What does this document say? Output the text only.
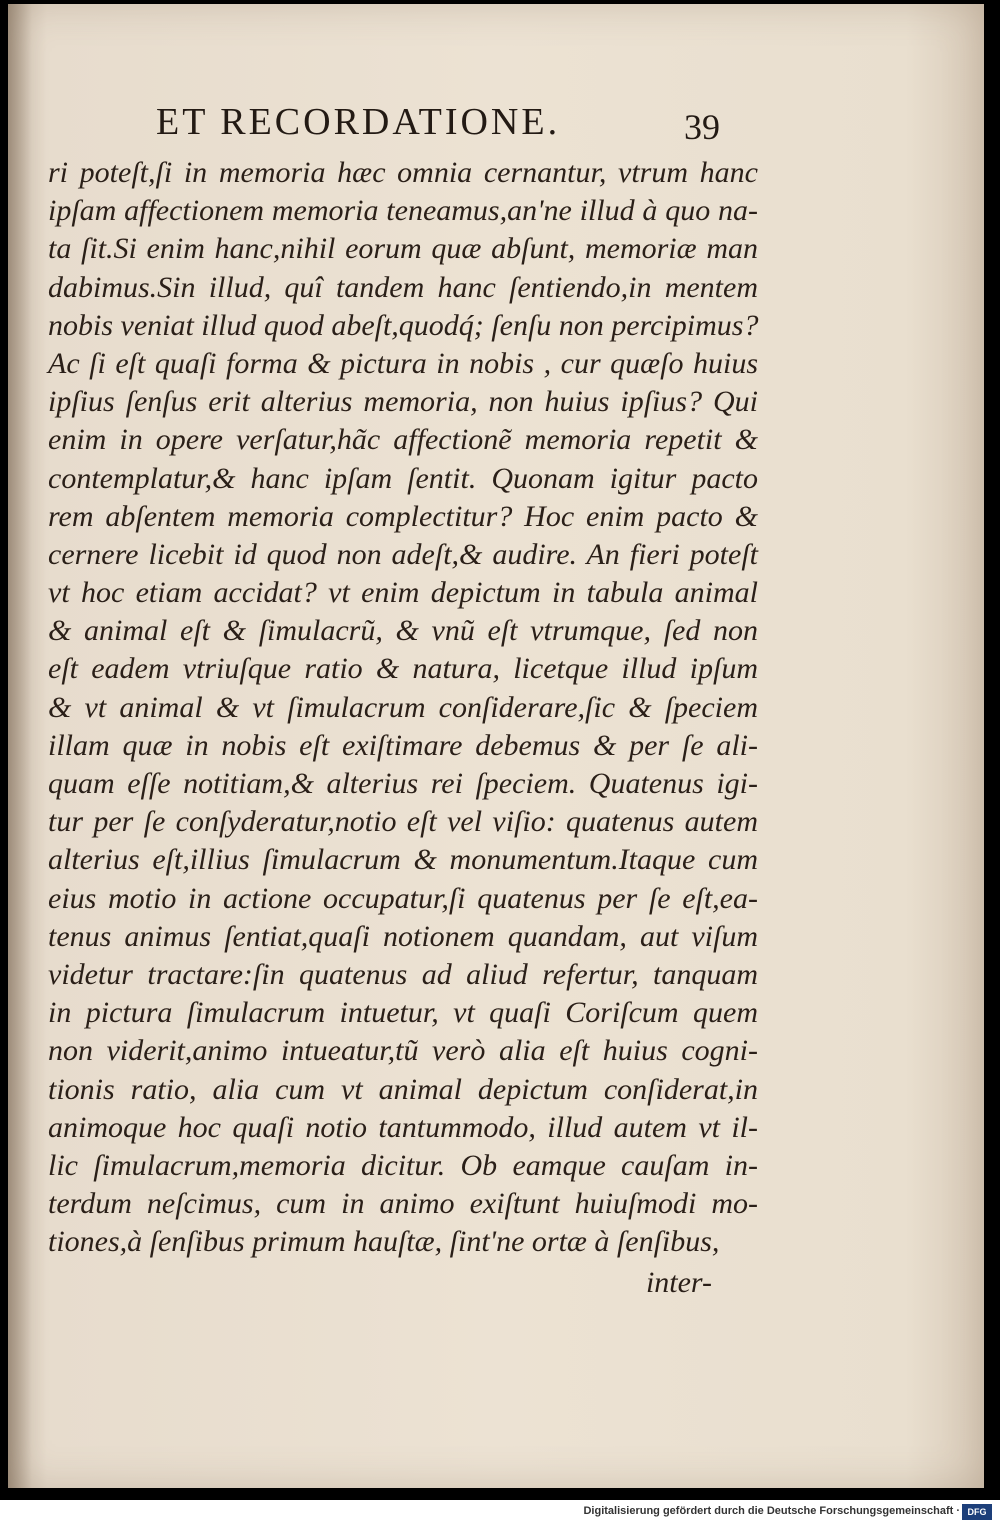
ET RECORDATIONE.	39
ri poteſt,ſi in memoria hæc omnia cernantur, vtrum hanc
ipſam affectionem memoria teneamus,an'ne illud à quo na-
ta ſit.Si enim hanc,nihil eorum quæ abſunt, memoriæ man
dabimus.Sin illud, quî tandem hanc ſentiendo,in mentem
nobis veniat illud quod abeſt,quodq́; ſenſu non percipimus?
Ac ſi eſt quaſi forma & pictura in nobis , cur quæſo huius
ipſius ſenſus erit alterius memoria, non huius ipſius? Qui
enim in opere verſatur,hãc affectionẽ memoria repetit &
contemplatur,& hanc ipſam ſentit. Quonam igitur pacto
rem abſentem memoria complectitur? Hoc enim pacto &
cernere licebit id quod non adeſt,& audire. An fieri poteſt
vt hoc etiam accidat? vt enim depictum in tabula animal
& animal eſt & ſimulacrũ, & vnũ eſt vtrumque, ſed non
eſt eadem vtriuſque ratio & natura, licetque illud ipſum
& vt animal & vt ſimulacrum conſiderare,ſic & ſpeciem
illam quæ in nobis eſt exiſtimare debemus & per ſe ali-
quam eſſe notitiam,& alterius rei ſpeciem. Quatenus igi-
tur per ſe conſyderatur,notio eſt vel viſio: quatenus autem
alterius eſt,illius ſimulacrum & monumentum.Itaque cum
eius motio in actione occupatur,ſi quatenus per ſe eſt,ea-
tenus animus ſentiat,quaſi notionem quandam, aut viſum
videtur tractare:ſin quatenus ad aliud refertur, tanquam
in pictura ſimulacrum intuetur, vt quaſi Coriſcum quem
non viderit,animo intueatur,tũ verò alia eſt huius cogni-
tionis ratio, alia cum vt animal depictum conſiderat,in
animoque hoc quaſi notio tantummodo, illud autem vt il-
lic ſimulacrum,memoria dicitur. Ob eamque cauſam in-
terdum neſcimus, cum in animo exiſtunt huiuſmodi mo-
tiones,à ſenſibus primum hauſtæ, ſint'ne ortæ à ſenſibus,
inter-
Digitalisierung gefördert durch die Deutsche Forschungsgemeinschaft · DFG
